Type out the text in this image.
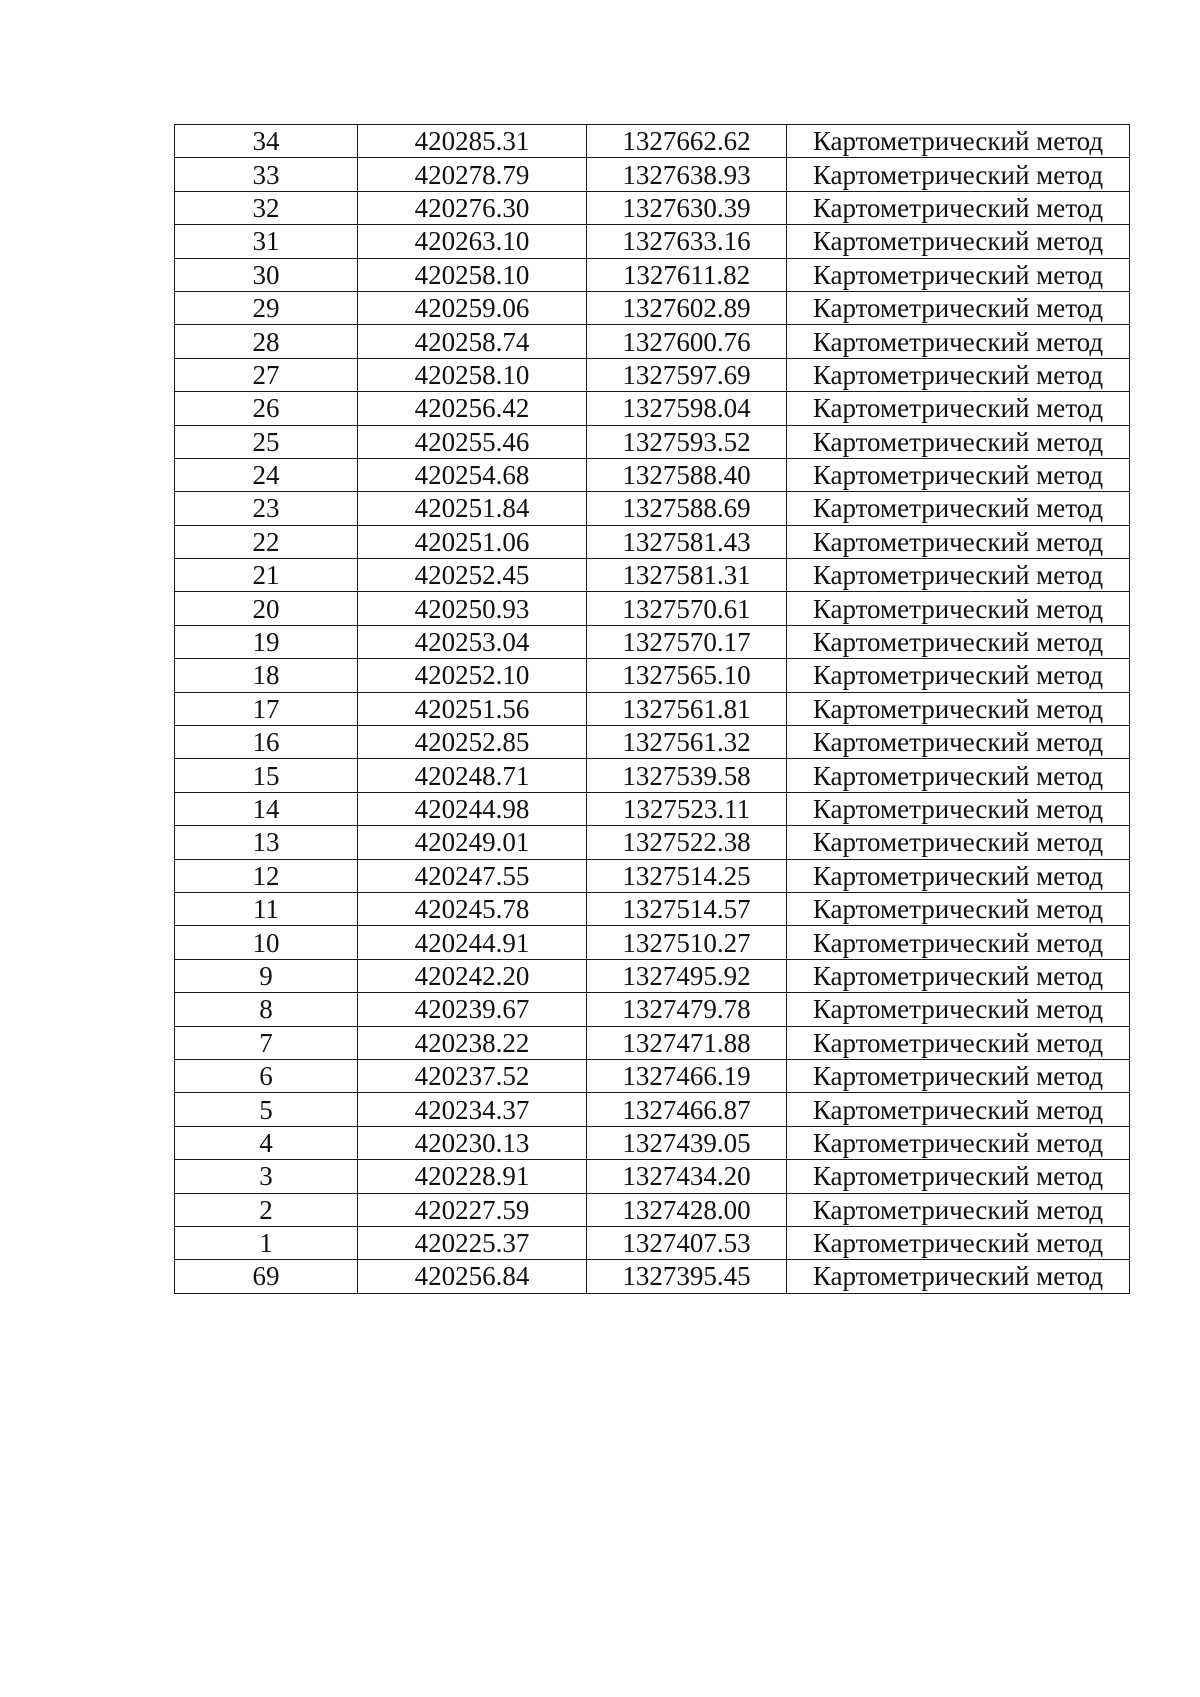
34	420285.31	1327662.62	Картометрический метод
33	420278.79	1327638.93	Картометрический метод
32	420276.30	1327630.39	Картометрический метод
31	420263.10	1327633.16	Картометрический метод
30	420258.10	1327611.82	Картометрический метод
29	420259.06	1327602.89	Картометрический метод
28	420258.74	1327600.76	Картометрический метод
27	420258.10	1327597.69	Картометрический метод
26	420256.42	1327598.04	Картометрический метод
25	420255.46	1327593.52	Картометрический метод
24	420254.68	1327588.40	Картометрический метод
23	420251.84	1327588.69	Картометрический метод
22	420251.06	1327581.43	Картометрический метод
21	420252.45	1327581.31	Картометрический метод
20	420250.93	1327570.61	Картометрический метод
19	420253.04	1327570.17	Картометрический метод
18	420252.10	1327565.10	Картометрический метод
17	420251.56	1327561.81	Картометрический метод
16	420252.85	1327561.32	Картометрический метод
15	420248.71	1327539.58	Картометрический метод
14	420244.98	1327523.11	Картометрический метод
13	420249.01	1327522.38	Картометрический метод
12	420247.55	1327514.25	Картометрический метод
11	420245.78	1327514.57	Картометрический метод
10	420244.91	1327510.27	Картометрический метод
9	420242.20	1327495.92	Картометрический метод
8	420239.67	1327479.78	Картометрический метод
7	420238.22	1327471.88	Картометрический метод
6	420237.52	1327466.19	Картометрический метод
5	420234.37	1327466.87	Картометрический метод
4	420230.13	1327439.05	Картометрический метод
3	420228.91	1327434.20	Картометрический метод
2	420227.59	1327428.00	Картометрический метод
1	420225.37	1327407.53	Картометрический метод
69	420256.84	1327395.45	Картометрический метод
